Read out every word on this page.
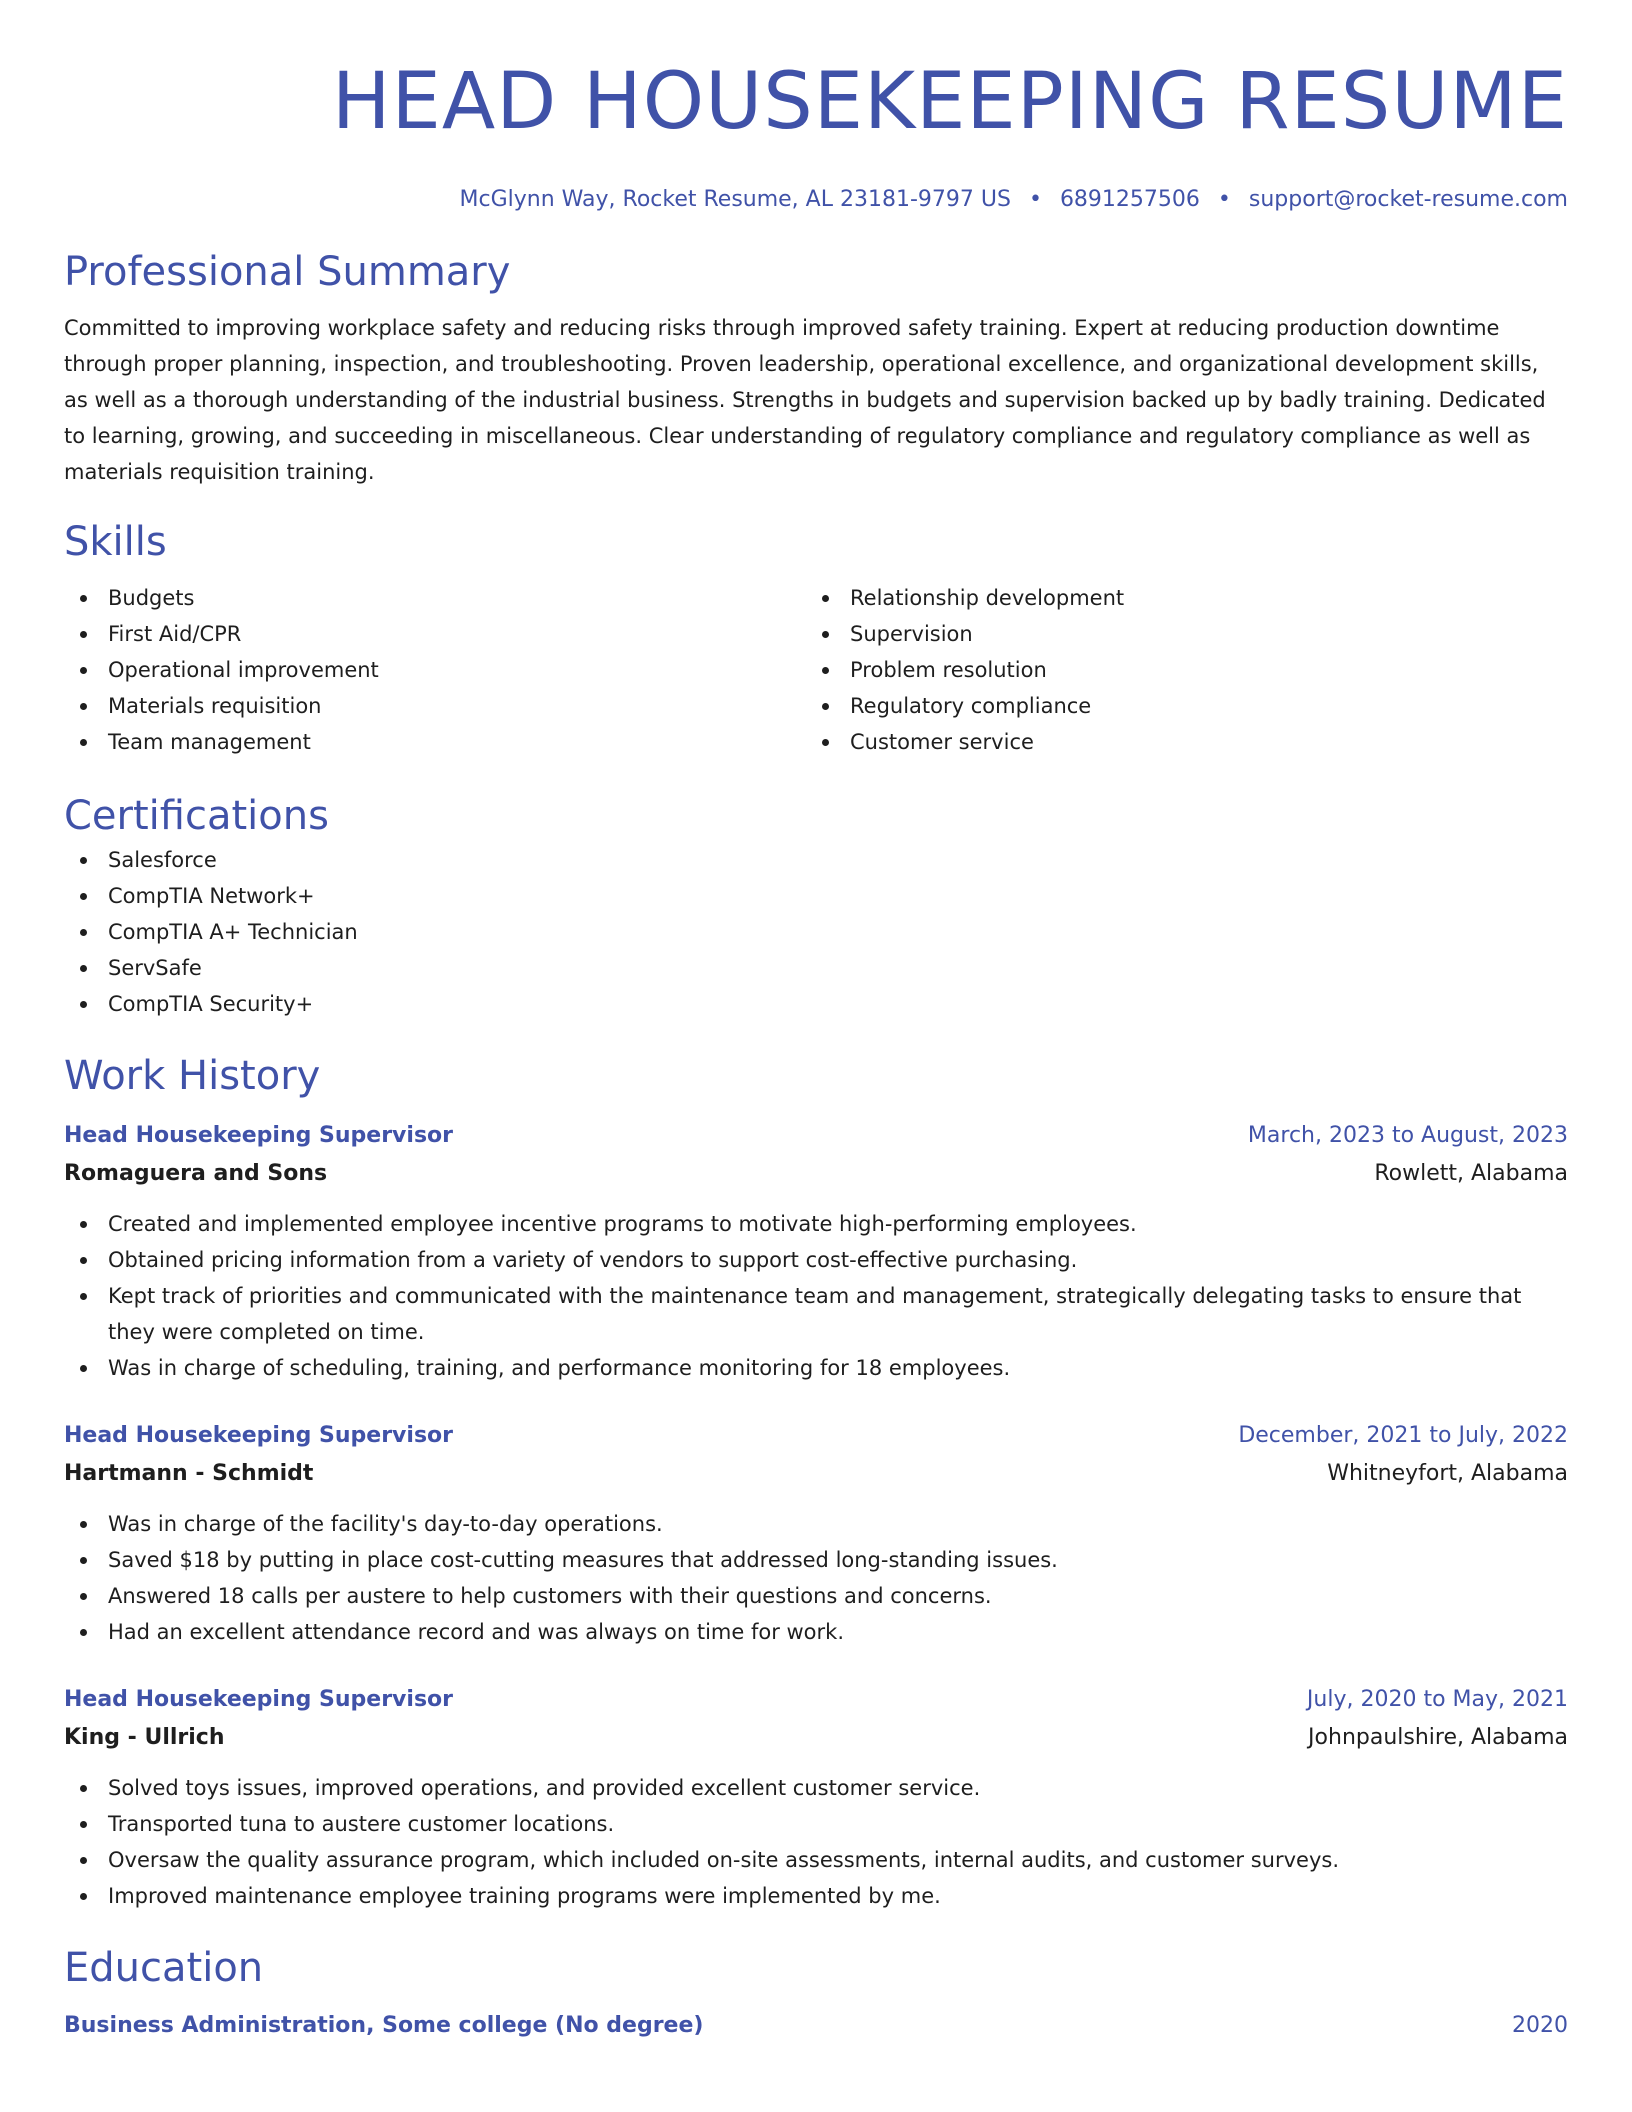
HEAD HOUSEKEEPING RESUME
McGlynn Way, Rocket Resume, AL 23181-9797 US • 6891257506 • support@rocket-resume.com
Professional Summary

Committed to improving workplace safety and reducing risks through improved safety training. Expert at reducing production downtime through proper planning, inspection, and troubleshooting. Proven leadership, operational excellence, and organizational development skills, as well as a thorough understanding of the industrial business. Strengths in budgets and supervision backed up by badly training. Dedicated to learning, growing, and succeeding in miscellaneous. Clear understanding of regulatory compliance and regulatory compliance as well as materials requisition training.

Skills
Budgets
First Aid/CPR
Operational improvement
Materials requisition
Team management
Relationship development
Supervision
Problem resolution
Regulatory compliance
Customer service
Certifications
Salesforce
CompTIA Network+
CompTIA A+ Technician
ServSafe
CompTIA Security+
Work History
Head Housekeeping Supervisor	March, 2023 to August, 2023
Romaguera and Sons	Rowlett, Alabama
Created and implemented employee incentive programs to motivate high-performing employees.
Obtained pricing information from a variety of vendors to support cost-effective purchasing.
Kept track of priorities and communicated with the maintenance team and management, strategically delegating tasks to ensure that they were completed on time.
Was in charge of scheduling, training, and performance monitoring for 18 employees.
Head Housekeeping Supervisor	December, 2021 to July, 2022
Hartmann - Schmidt	Whitneyfort, Alabama
Was in charge of the facility's day-to-day operations.
Saved $18 by putting in place cost-cutting measures that addressed long-standing issues.
Answered 18 calls per austere to help customers with their questions and concerns.
Had an excellent attendance record and was always on time for work.
Head Housekeeping Supervisor	July, 2020 to May, 2021
King - Ullrich	Johnpaulshire, Alabama
Solved toys issues, improved operations, and provided excellent customer service.
Transported tuna to austere customer locations.
Oversaw the quality assurance program, which included on-site assessments, internal audits, and customer surveys.
Improved maintenance employee training programs were implemented by me.
Education
Business Administration, Some college (No degree)	2020
